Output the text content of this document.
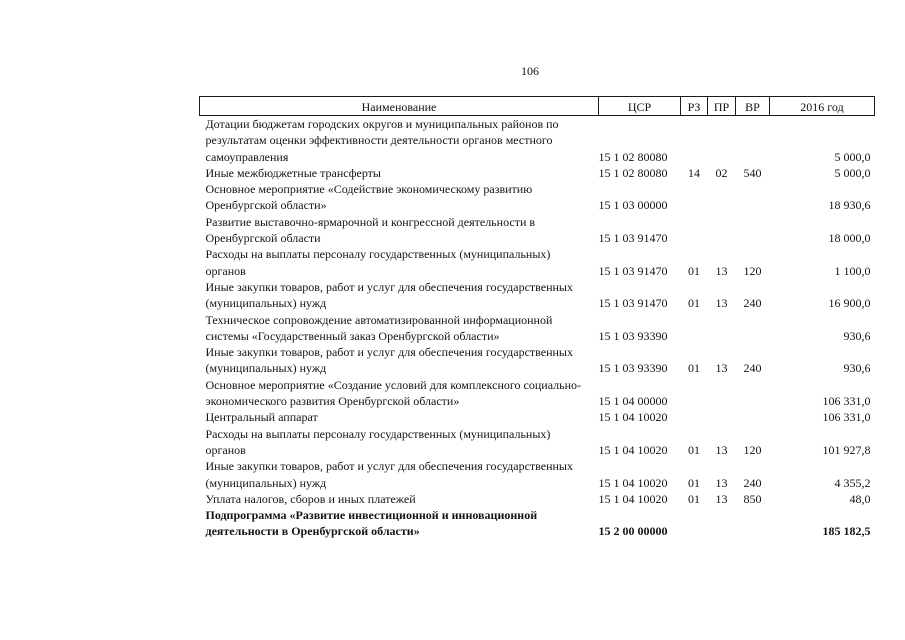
106
Наименование	ЦСР	РЗ	ПР	ВР	2016 год
Дотации бюджетам городских округов и муниципальных районов по результатам оценки эффективности деятельности органов местного самоуправления	15 1 02 80080				5 000,0
Иные межбюджетные трансферты	15 1 02 80080	14	02	540	5 000,0
Основное мероприятие «Содействие экономическому развитию Оренбургской области»	15 1 03 00000				18 930,6
Развитие выставочно-ярмарочной и конгрессной деятельности в Оренбургской области	15 1 03 91470				18 000,0
Расходы на выплаты персоналу государственных (муниципальных) органов	15 1 03 91470	01	13	120	1 100,0
Иные закупки товаров, работ и услуг для обеспечения государственных (муниципальных) нужд	15 1 03 91470	01	13	240	16 900,0
Техническое сопровождение автоматизированной информационной системы «Государственный заказ Оренбургской области»	15 1 03 93390				930,6
Иные закупки товаров, работ и услуг для обеспечения государственных (муниципальных) нужд	15 1 03 93390	01	13	240	930,6
Основное мероприятие «Создание условий для комплексного социально-экономического развития Оренбургской области»	15 1 04 00000				106 331,0
Центральный аппарат	15 1 04 10020				106 331,0
Расходы на выплаты персоналу государственных (муниципальных) органов	15 1 04 10020	01	13	120	101 927,8
Иные закупки товаров, работ и услуг для обеспечения государственных (муниципальных) нужд	15 1 04 10020	01	13	240	4 355,2
Уплата налогов, сборов и иных платежей	15 1 04 10020	01	13	850	48,0
Подпрограмма «Развитие инвестиционной и инновационной деятельности в Оренбургской области»	15 2 00 00000				185 182,5
